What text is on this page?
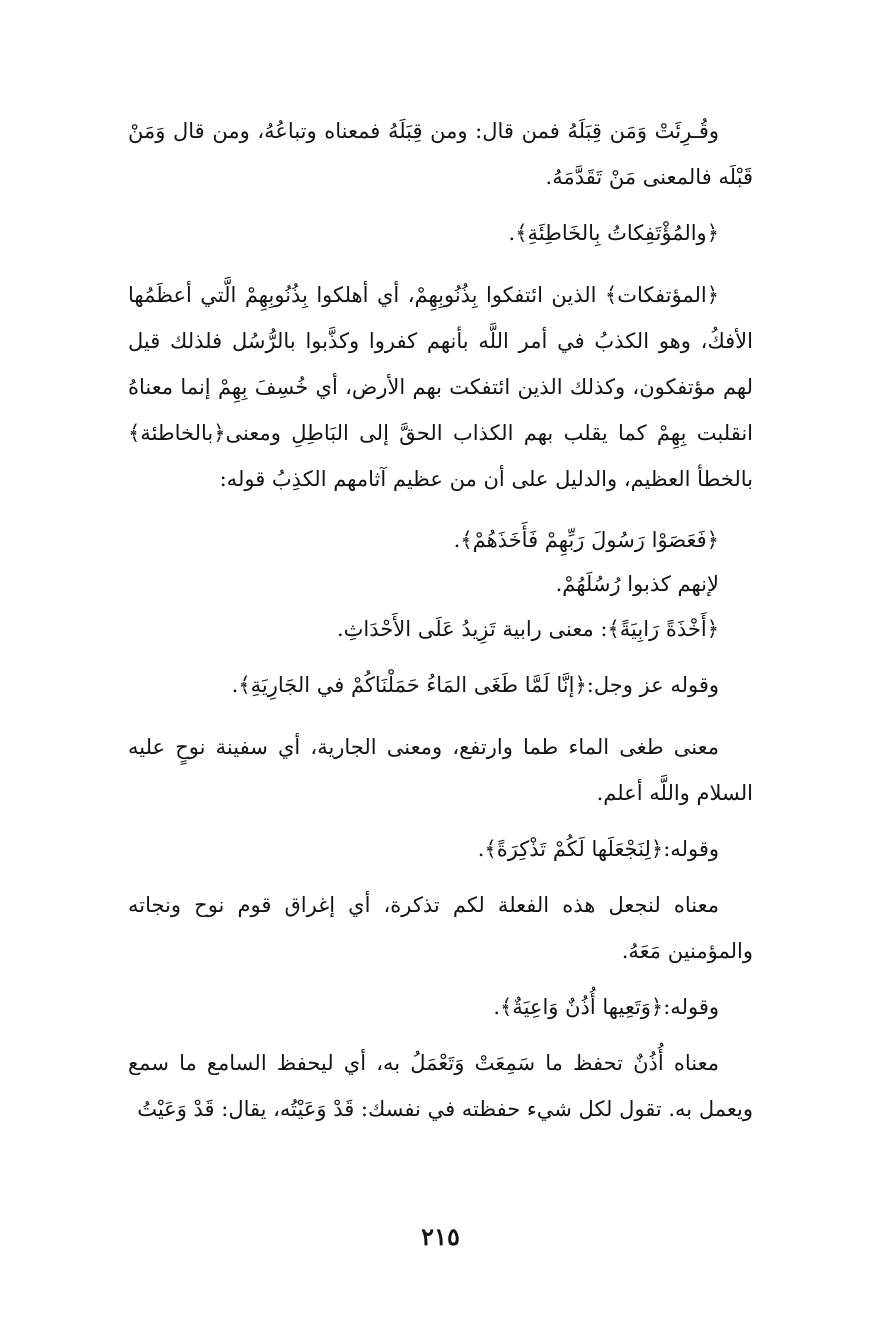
وقُـرِئَتْ وَمَن قِبَلَهُ فمن قال: ومن قِبَلَهُ فمعناه وتباعُهُ، ومن قال وَمَنْ قَبْلَه فالمعنى مَنْ تَقَدَّمَهُ.

﴿والمُؤْتَفِكاتُ بِالخَاطِئَةِ﴾.

﴿المؤتفكات﴾ الذين ائتفكوا بِذُنُوبِهِمْ، أي أهلكوا بِذُنُوبِهِمْ الَّتي أعظَمُها الأفكُ، وهو الكذبُ في أمر اللَّه بأنهم كفروا وكذَّبوا بالرُّسُل فلذلك قيل لهم مؤتفكون، وكذلك الذين ائتفكت بهم الأرض، أي خُسِفَ بِهِمْ إنما معناهُ انقلبت بِهِمْ كما يقلب بهم الكذاب الحقَّ إلى البَاطِلِ ومعنى﴿بالخاطئة﴾ بالخطأ العظيم، والدليل على أن من عظيم آثامهم الكذِبُ قوله:

﴿فَعَصَوْا رَسُولَ رَبِّهِمْ فَأَخَذَهُمْ﴾.

لإنهم كذبوا رُسُلَهُمْ.

﴿أَخْذَةً رَابِيَةً﴾: معنى رابية تَزِيدُ عَلَى الأَحْدَاثِ.

وقوله عز وجل:﴿إنَّا لَمَّا طَغَى المَاءُ حَمَلْنَاكُمْ في الجَارِيَةِ﴾.

معنى طغى الماء طما وارتفع، ومعنى الجارية، أي سفينة نوحٍ عليه السلام واللَّه أعلم.

وقوله:﴿لِنَجْعَلَها لَكُمْ تَذْكِرَةً﴾.

معناه لنجعل هذه الفعلة لكم تذكرة، أي إغراق قوم نوح ونجاته والمؤمنين مَعَهُ.

وقوله:﴿وَتَعِيها أُذُنٌ وَاعِيَةٌ﴾.

معناه أُذُنٌ تحفظ ما سَمِعَتْ وَتَعْمَلُ به، أي ليحفظ السامع ما سمع ويعمل به. تقول لكل شيء حفظته في نفسك: قَدْ وَعَيْتُه، يقال: قَدْ وَعَيْتُ

٢١٥
